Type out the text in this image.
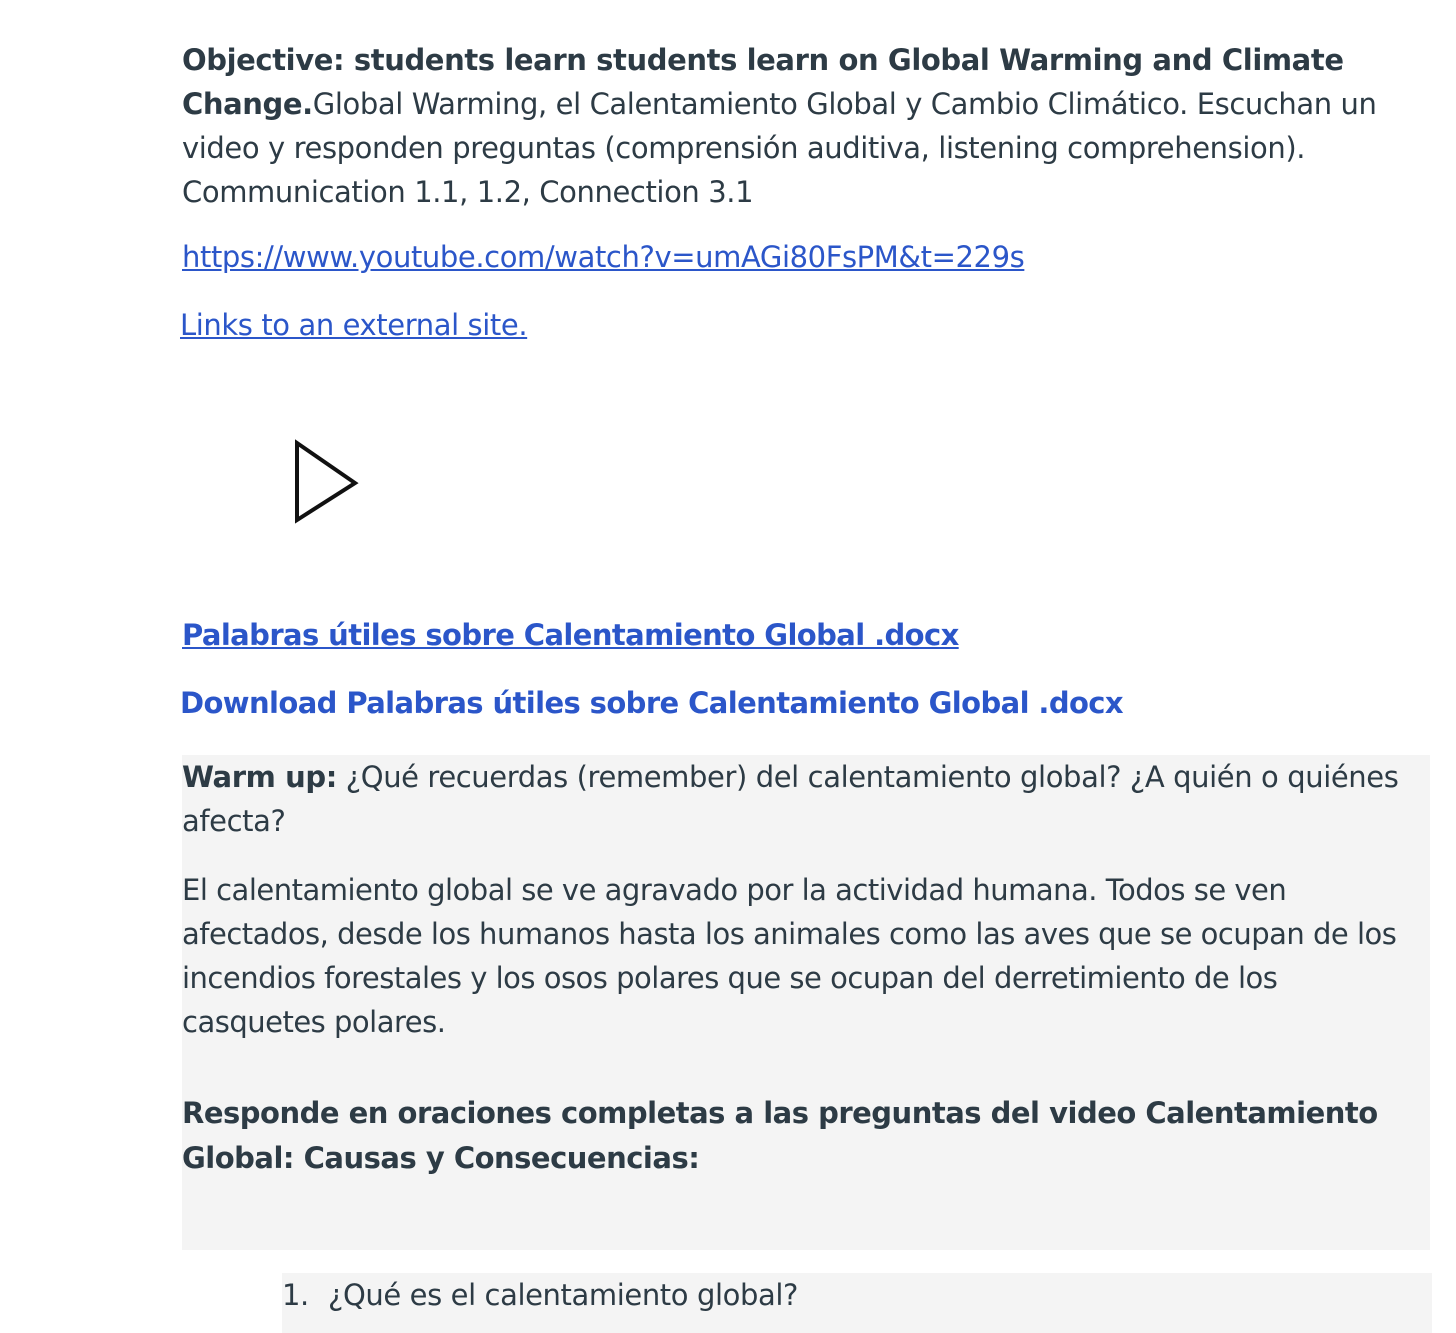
Objective: students learn students learn on Global Warming and Climate Change.Global Warming, el Calentamiento Global y Cambio Climático. Escuchan un video y responden preguntas (comprensión auditiva, listening comprehension). Communication 1.1, 1.2, Connection 3.1

https://www.youtube.com/watch?v=umAGi80FsPM&t=229s
Links to an external site.
Palabras útiles sobre Calentamiento Global .docx
Download Palabras útiles sobre Calentamiento Global .docx

Warm up: ¿Qué recuerdas (remember) del calentamiento global? ¿A quién o quiénes afecta?

El calentamiento global se ve agravado por la actividad humana. Todos se ven afectados, desde los humanos hasta los animales como las aves que se ocupan de los incendios forestales y los osos polares que se ocupan del derretimiento de los casquetes polares.

Responde en oraciones completas a las preguntas del video Calentamiento Global: Causas y Consecuencias:

1. ¿Qué es el calentamiento global?
